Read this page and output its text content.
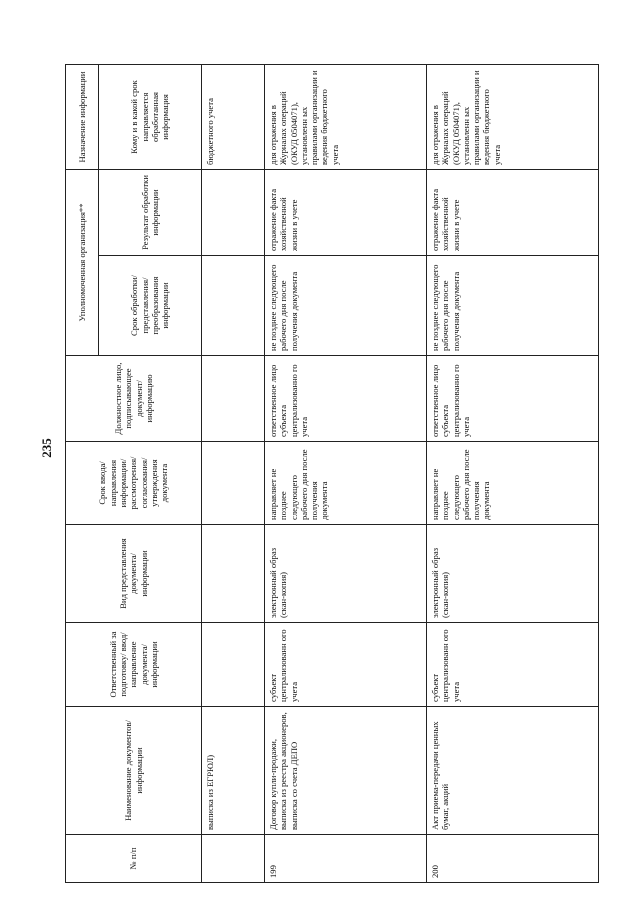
235
№ п/п	Наименование документов/информации	Ответственный за подготовку/ ввод/ направление документа/ информации	Вид представления документа/ информации	Срок ввода/ направления информации/ рассмотрения/ согласования/ утверждения документа	Должностное лицо, подписывающее документ/ информацию	Уполномоченная организация**		Назначение информации
						Срок обработки/ представления/ преобразования информации	Результат обработки информации	Кому и в какой срок направляется обработанная информация
	выписка из ЕГРЮЛ)							бюджетного учета
199	Договор купли-продажи, выписка из реестра акционеров, выписка со счета ДЕПО	субъект централизованн ого учета	электронный образ (скан-копия)	направляет не позднее следующего рабочего дня после получения документа	ответственное лицо субъекта централизованно го учета	не позднее следующего рабочего дня после получения документа	отражение факта хозяйственной жизни в учете	для отражения в Журналах операций (ОКУД 0504071), установленн ых правилами организации и ведения бюджетного учета
200	Акт приема-передачи ценных бумаг, акций	субъект централизованн ого учета	электронный образ (скан-копия)	направляет не позднее следующего рабочего дня после получения документа	ответственное лицо субъекта централизованно го учета	не позднее следующего рабочего дня после получения документа	отражение факта хозяйственной жизни в учете	для отражения в Журналах операций (ОКУД 0504071), установленн ых правилами организации и ведения бюджетного учета
